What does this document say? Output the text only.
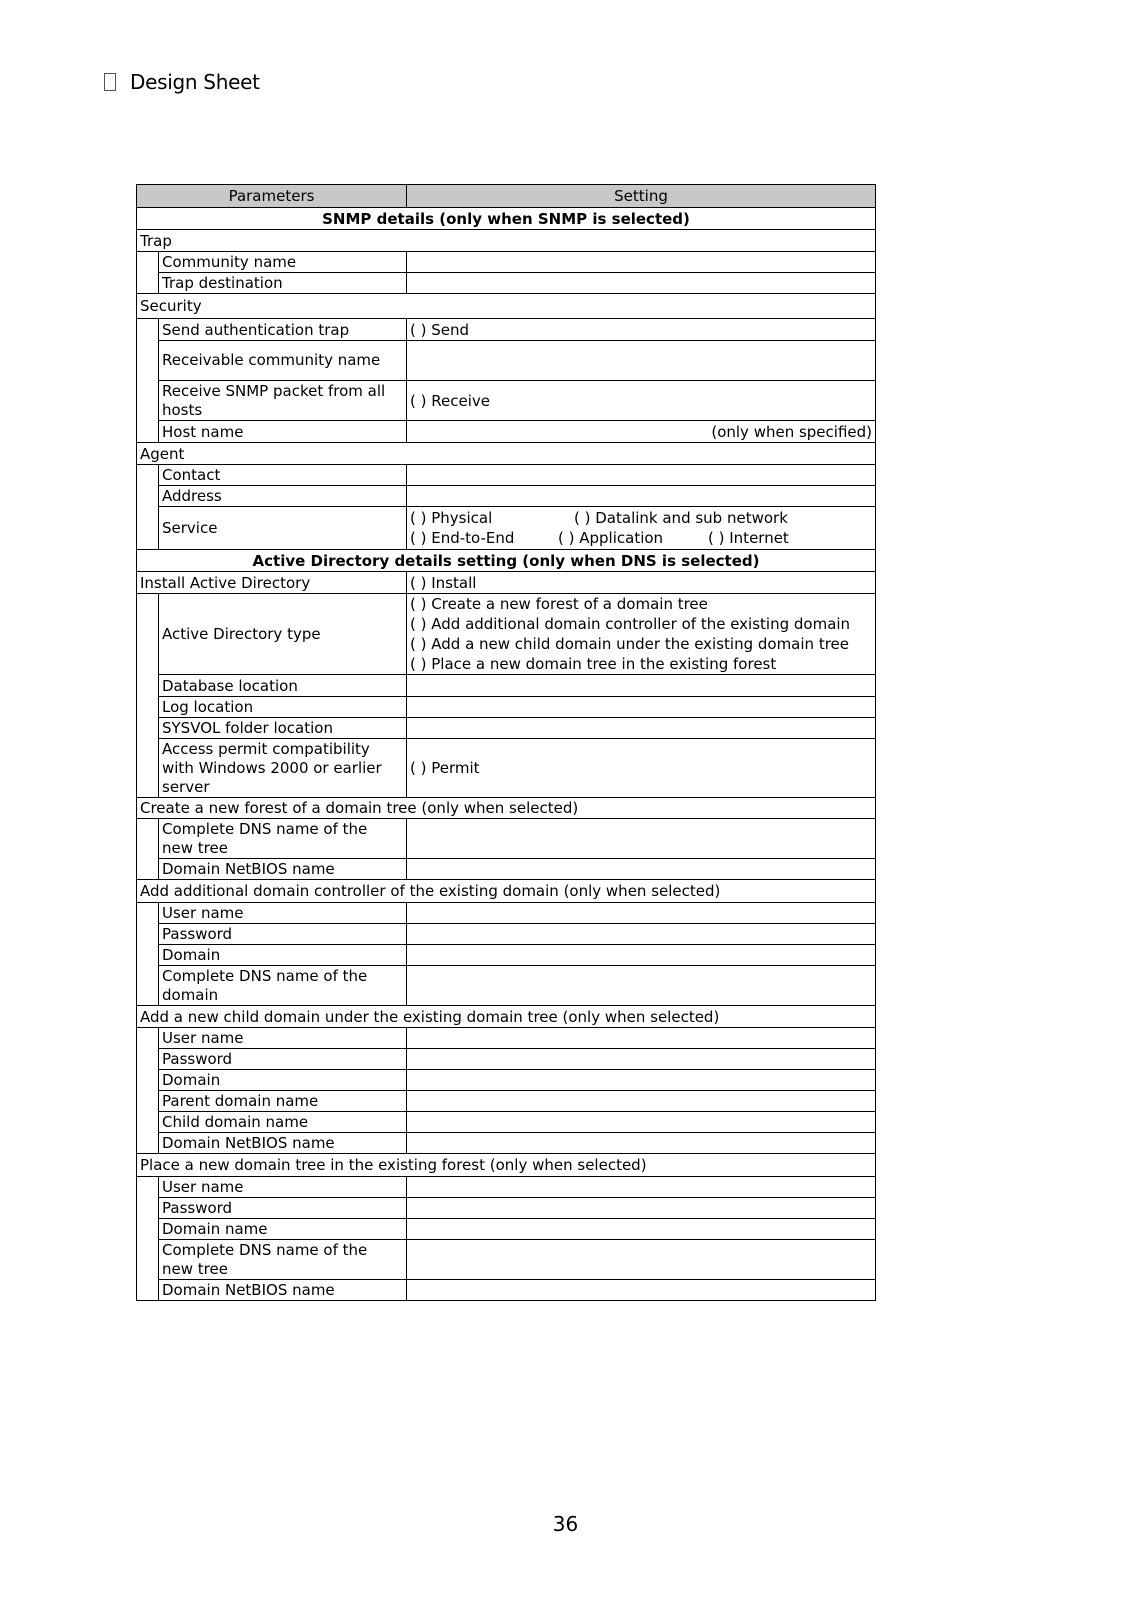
Design Sheet
Parameters		Setting
SNMP details (only when SNMP is selected)		
Trap		
	Community name	
	Trap destination	
Security		
	Send authentication trap	( ) Send
	Receivable community name	
	Receive SNMP packet from all hosts	( ) Receive
	Host name	(only when specified)
Agent		
	Contact	
	Address	
	Service	( ) Physical ( ) Datalink and sub network
( ) End-to-End ( ) Application ( ) Internet

Active Directory details setting (only when DNS is selected)		
Install Active Directory		( ) Install
	Active Directory type	( ) Create a new forest of a domain tree
( ) Add additional domain controller of the existing domain
( ) Add a new child domain under the existing domain tree
( ) Place a new domain tree in the existing forest

	Database location	
	Log location	
	SYSVOL folder location	
	Access permit compatibility with Windows 2000 or earlier server	( ) Permit
Create a new forest of a domain tree (only when selected)		
	Complete DNS name of the new tree	
	Domain NetBIOS name	
Add additional domain controller of the existing domain (only when selected)		
	User name	
	Password	
	Domain	
	Complete DNS name of the domain	
Add a new child domain under the existing domain tree (only when selected)		
	User name	
	Password	
	Domain	
	Parent domain name	
	Child domain name	
	Domain NetBIOS name	
Place a new domain tree in the existing forest (only when selected)		
	User name	
	Password	
	Domain name	
	Complete DNS name of the new tree	
	Domain NetBIOS name	
36
